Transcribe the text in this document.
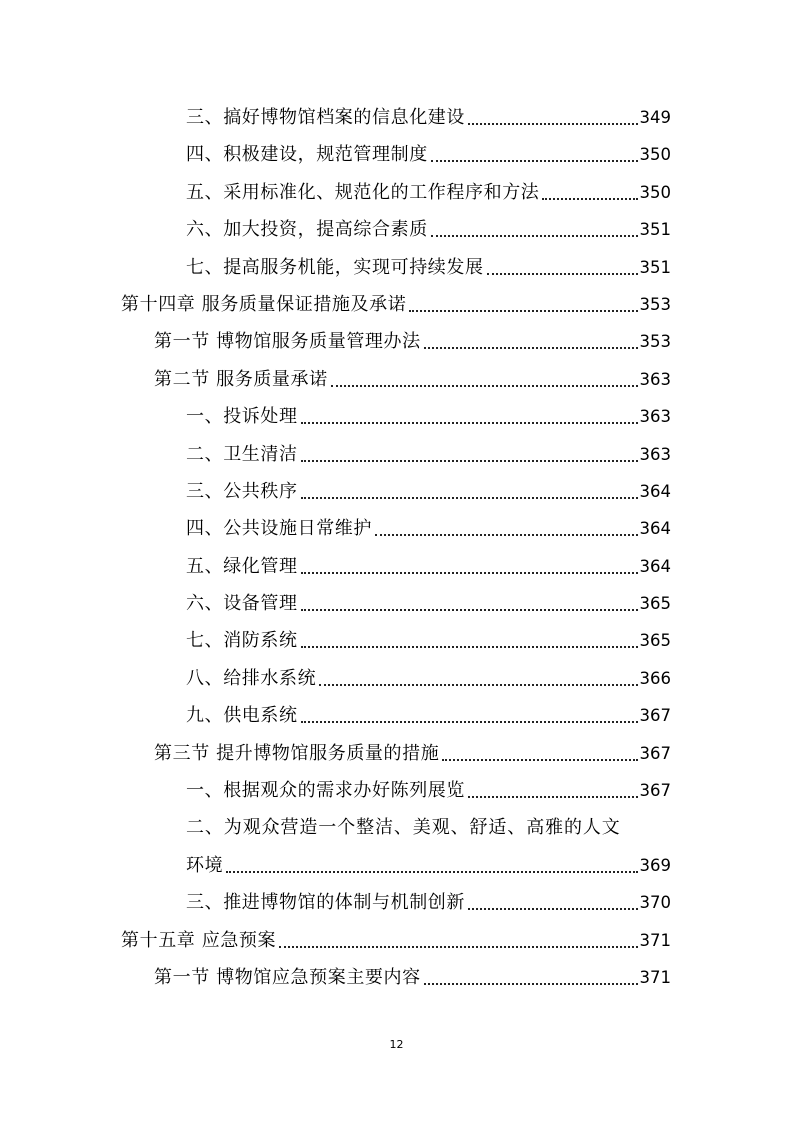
三、搞好博物馆档案的信息化建设	349
四、积极建设，规范管理制度	350
五、采用标准化、规范化的工作程序和方法	350
六、加大投资，提高综合素质	351
七、提高服务机能，实现可持续发展	351
第十四章 服务质量保证措施及承诺	353
第一节 博物馆服务质量管理办法	353
第二节 服务质量承诺	363
一、投诉处理	363
二、卫生清洁	363
三、公共秩序	364
四、公共设施日常维护	364
五、绿化管理	364
六、设备管理	365
七、消防系统	365
八、给排水系统	366
九、供电系统	367
第三节 提升博物馆服务质量的措施	367
一、根据观众的需求办好陈列展览	367
二、为观众营造一个整洁、美观、舒适、高雅的人文
环境	369
三、推进博物馆的体制与机制创新	370
第十五章 应急预案	371
第一节 博物馆应急预案主要内容	371
12
